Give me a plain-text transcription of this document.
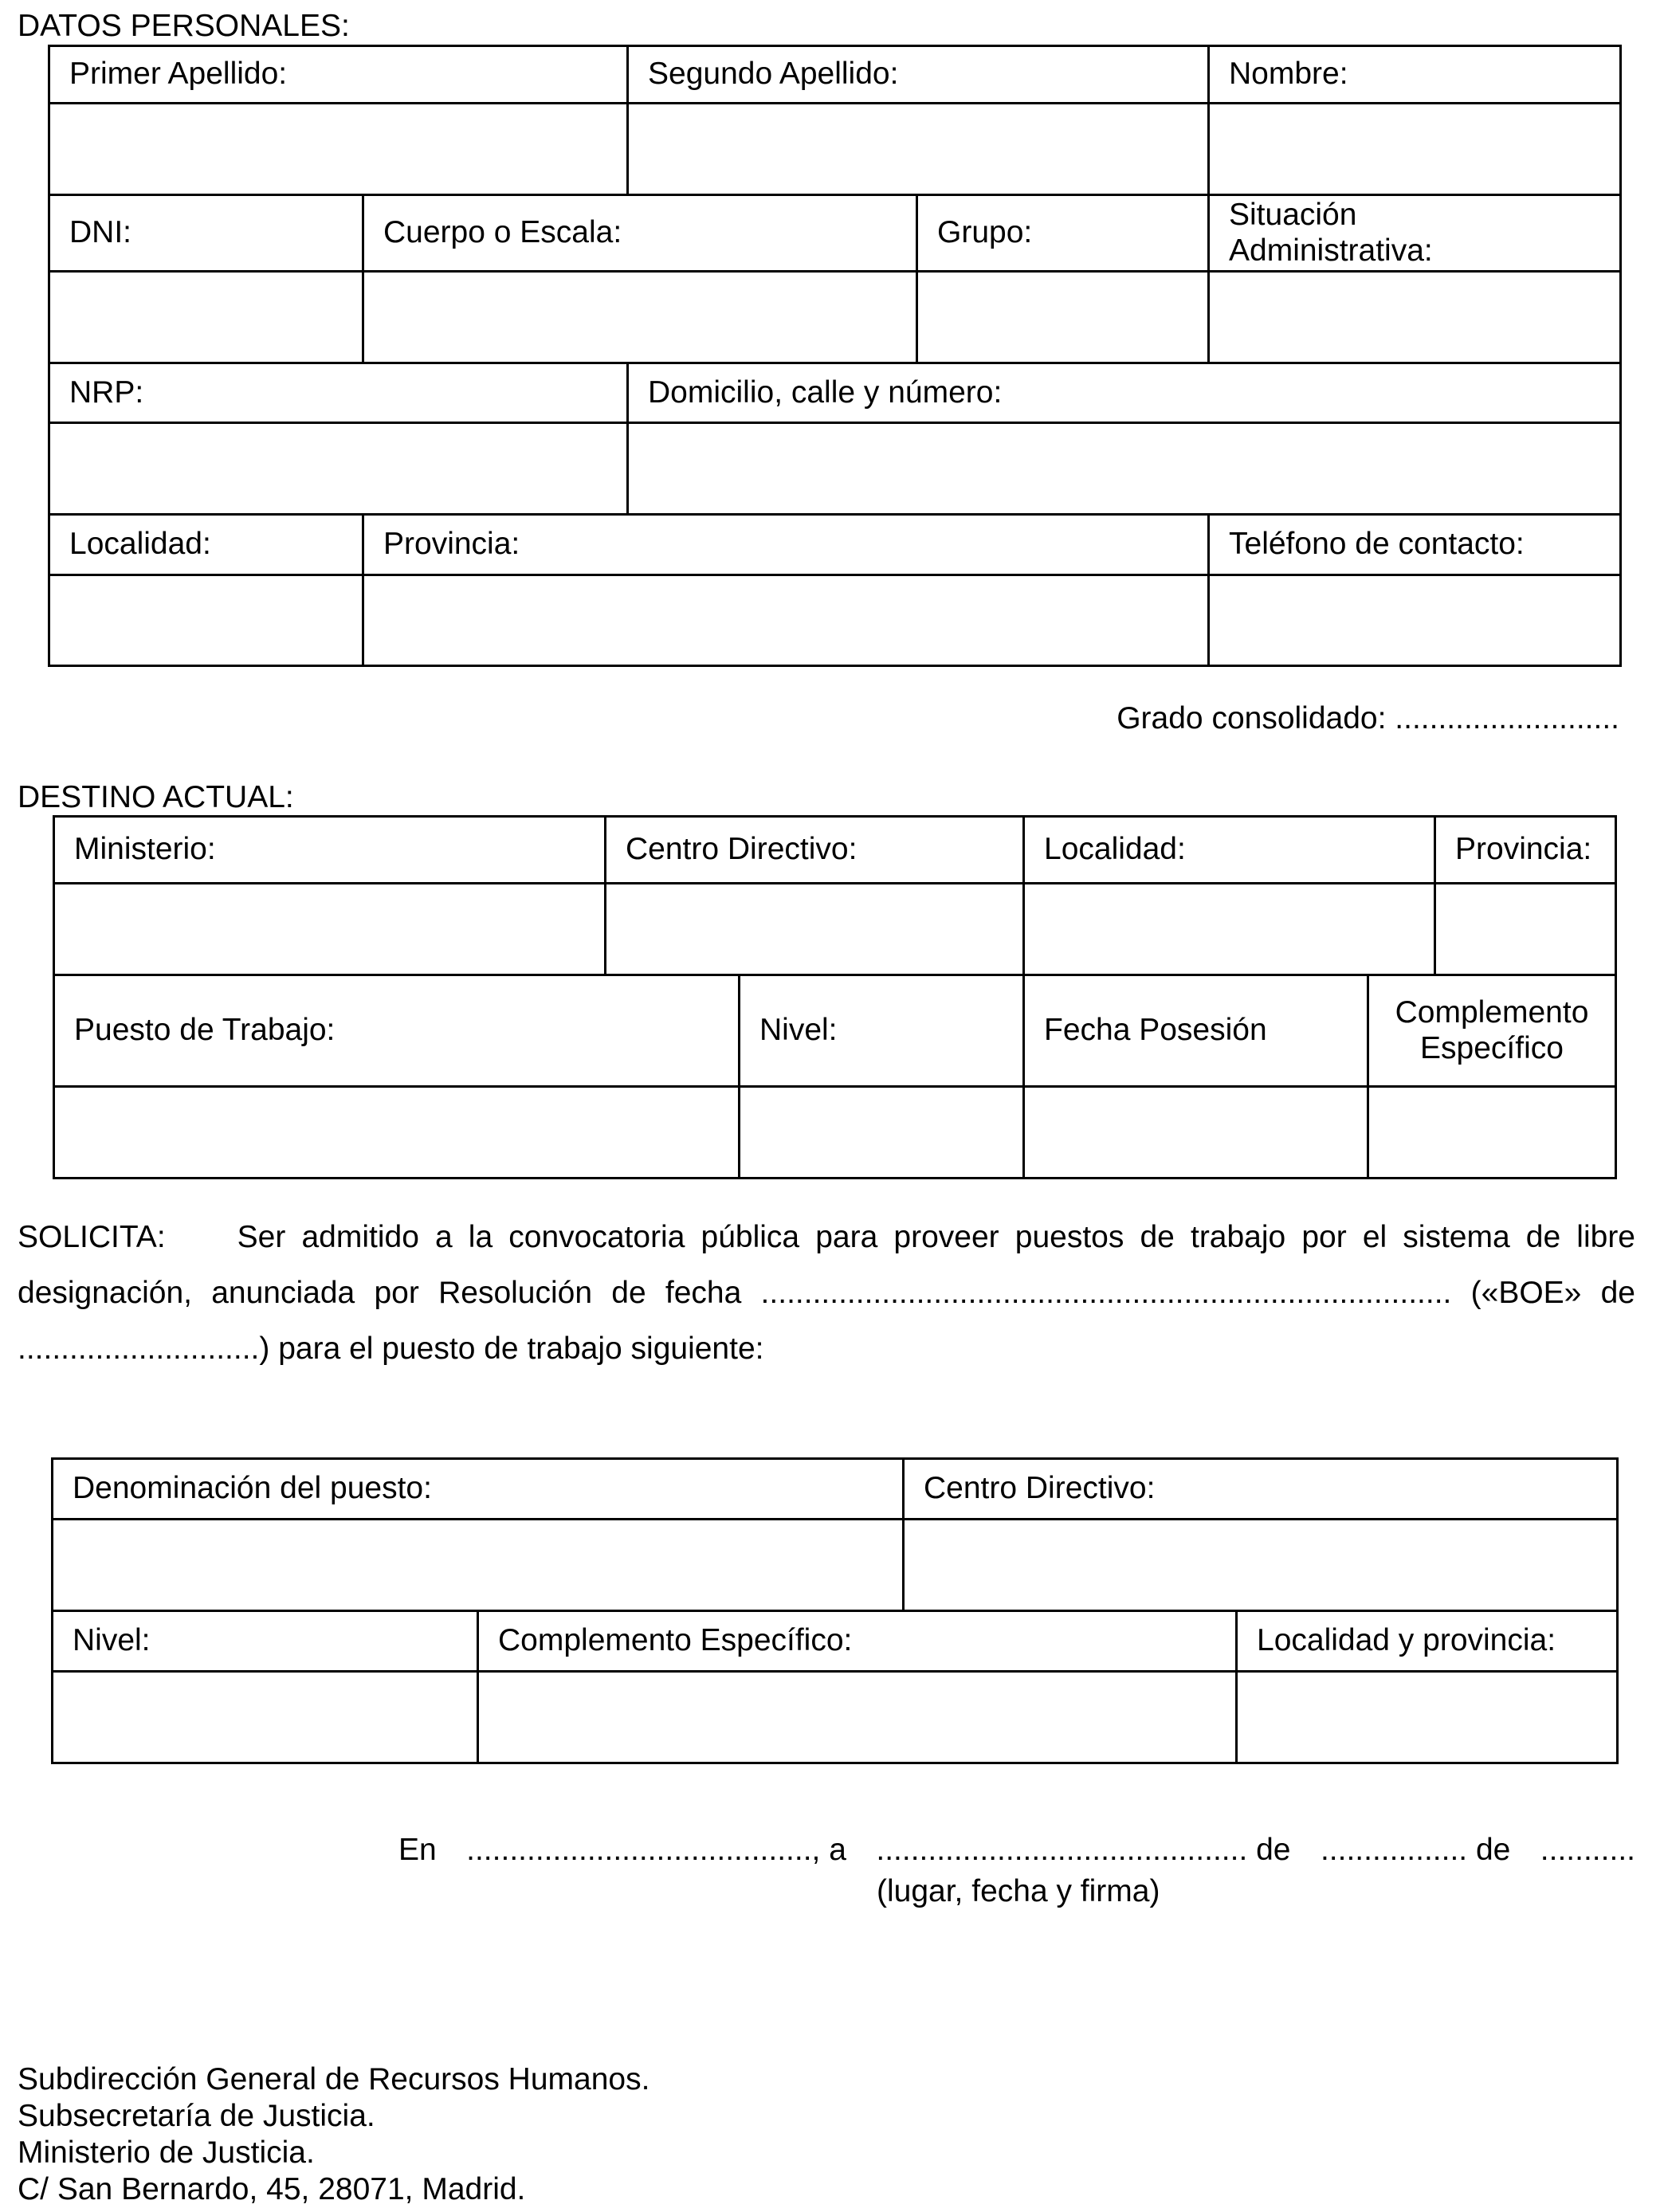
DATOS PERSONALES:
Primer Apellido:		Segundo Apellido:		Nombre:

DNI:	Cuerpo o Escala:		Grupo:	Situación
Administrativa:

NRP:		Domicilio, calle y número:		

Localidad:	Provincia:			Teléfono de contacto:

Grado consolidado: ..........................
DESTINO ACTUAL:
Ministerio:	Centro Directivo:		Localidad:		Provincia:

Puesto de Trabajo:		Nivel:	Fecha Posesión	Complemento
Específico	

SOLICITA: Ser admitido a la convocatoria pública para proveer puestos de trabajo por el sistema de libre designación, anunciada por Resolución de fecha ................................................................................ («BOE» de ............................) para el puesto de trabajo siguiente:
Denominación del puesto:		Centro Directivo:	

Nivel:	Complemento Específico:		Localidad y provincia:

En ........................................, a ........................................... de ................. de ...........
(lugar, fecha y firma)
Subdirección General de Recursos Humanos.
Subsecretaría de Justicia.
Ministerio de Justicia.
C/ San Bernardo, 45, 28071, Madrid.
